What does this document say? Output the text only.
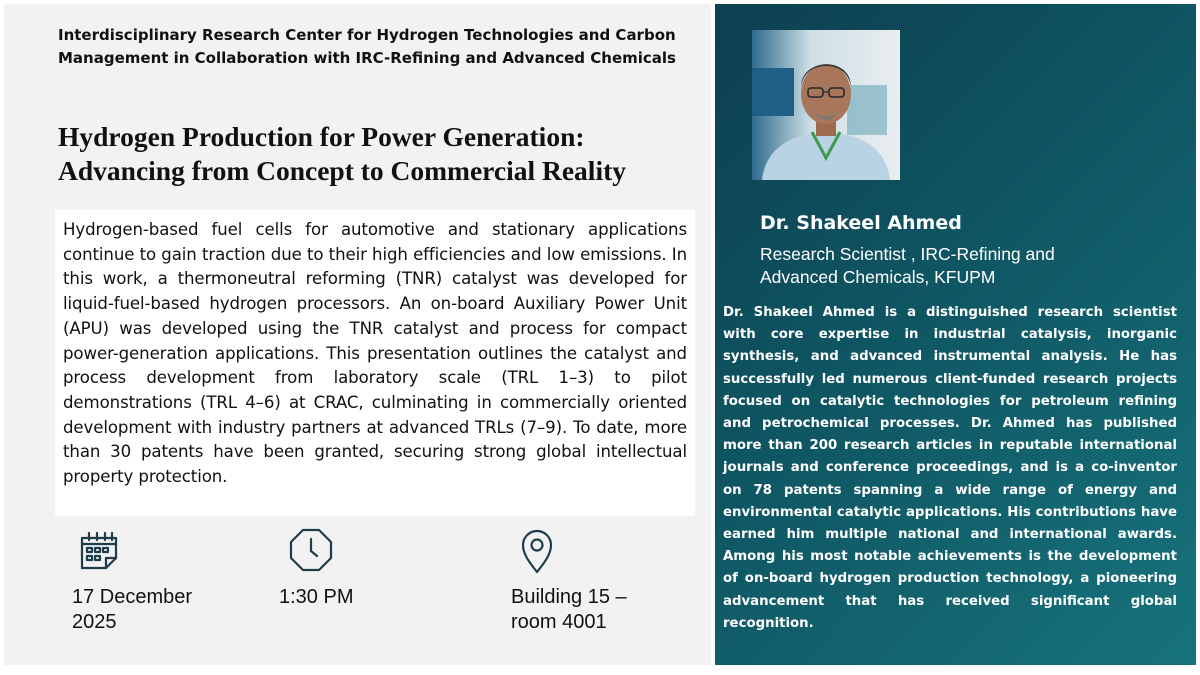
Interdisciplinary Research Center for Hydrogen Technologies and Carbon
Management in Collaboration with IRC-Refining and Advanced Chemicals
Hydrogen Production for Power Generation:
Advancing from Concept to Commercial Reality

Hydrogen-based fuel cells for automotive and stationary applications continue to gain traction due to their high efficiencies and low emissions. In this work, a thermoneutral reforming (TNR) catalyst was developed for liquid-fuel-based hydrogen processors. An on-board Auxiliary Power Unit (APU) was developed using the TNR catalyst and process for compact power-generation applications. This presentation outlines the catalyst and process development from laboratory scale (TRL 1–3) to pilot demonstrations (TRL 4–6) at CRAC, culminating in commercially oriented development with industry partners at advanced TRLs (7–9). To date, more than 30 patents have been granted, securing strong global intellectual property protection.

17 December
2025
1:30 PM	Building 15 –
room 4001
Dr. Shakeel Ahmed
Research Scientist , IRC-Refining and
Advanced Chemicals, KFUPM

Dr. Shakeel Ahmed is a distinguished research scientist with core expertise in industrial catalysis, inorganic synthesis, and advanced instrumental analysis. He has successfully led numerous client-funded research projects focused on catalytic technologies for petroleum refining and petrochemical processes. Dr. Ahmed has published more than 200 research articles in reputable international journals and conference proceedings, and is a co-inventor on 78 patents spanning a wide range of energy and environmental catalytic applications. His contributions have earned him multiple national and international awards. Among his most notable achievements is the development of on-board hydrogen production technology, a pioneering advancement that has received significant global recognition.
